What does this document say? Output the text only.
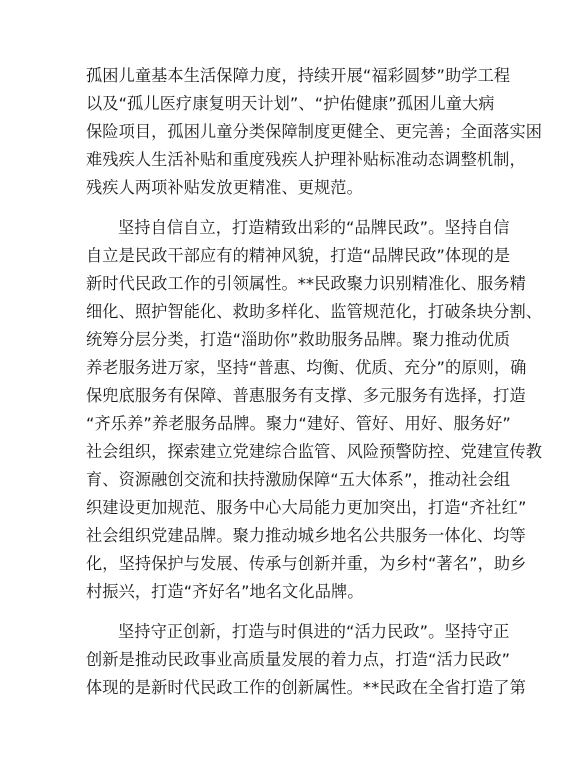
孤困儿童基本生活保障力度，持续开展“福彩圆梦”助学工程
以及“孤儿医疗康复明天计划”、“护佑健康”孤困儿童大病
保险项目，孤困儿童分类保障制度更健全、更完善；全面落实困
难残疾人生活补贴和重度残疾人护理补贴标准动态调整机制，
残疾人两项补贴发放更精准、更规范。
坚持自信自立，打造精致出彩的“品牌民政”。坚持自信
自立是民政干部应有的精神风貌，打造“品牌民政”体现的是
新时代民政工作的引领属性。**民政聚力识别精准化、服务精
细化、照护智能化、救助多样化、监管规范化，打破条块分割、
统筹分层分类，打造“淄助你”救助服务品牌。聚力推动优质
养老服务进万家，坚持“普惠、均衡、优质、充分”的原则，确
保兜底服务有保障、普惠服务有支撑、多元服务有选择，打造
“齐乐养”养老服务品牌。聚力“建好、管好、用好、服务好”
社会组织，探索建立党建综合监管、风险预警防控、党建宣传教
育、资源融创交流和扶持激励保障“五大体系”，推动社会组
织建设更加规范、服务中心大局能力更加突出，打造“齐社红”
社会组织党建品牌。聚力推动城乡地名公共服务一体化、均等
化，坚持保护与发展、传承与创新并重，为乡村“著名”，助乡
村振兴，打造“齐好名”地名文化品牌。
坚持守正创新，打造与时俱进的“活力民政”。坚持守正
创新是推动民政事业高质量发展的着力点，打造“活力民政”
体现的是新时代民政工作的创新属性。**民政在全省打造了第
